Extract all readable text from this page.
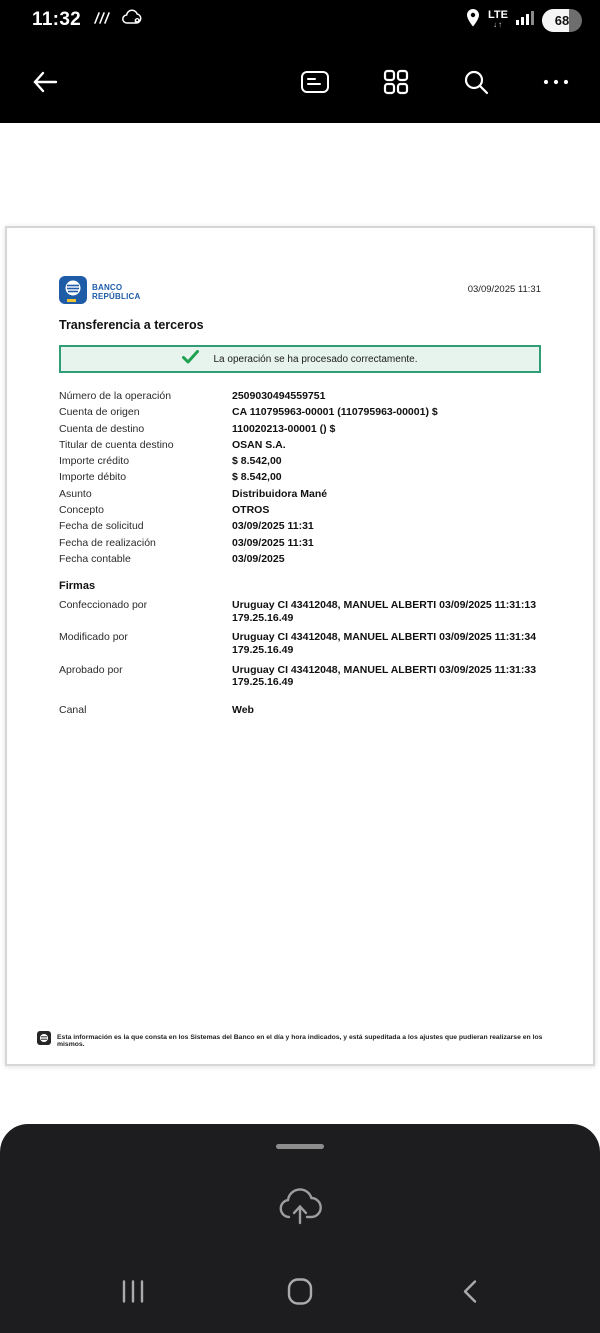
11:32	LTE
↓↑	68
BANCO
REPÚBLICA
03/09/2025 11:31
Transferencia a terceros
La operación se ha procesado correctamente.
Número de la operación	2509030494559751
Cuenta de origen	CA 110795963-00001 (110795963-00001) $
Cuenta de destino	110020213-00001 () $
Titular de cuenta destino	OSAN S.A.
Importe crédito	$ 8.542,00
Importe débito	$ 8.542,00
Asunto	Distribuidora Mané
Concepto	OTROS
Fecha de solicitud	03/09/2025 11:31
Fecha de realización	03/09/2025 11:31
Fecha contable	03/09/2025
Firmas
Confeccionado por	Uruguay CI 43412048, MANUEL ALBERTI 03/09/2025 11:31:13
179.25.16.49
Modificado por	Uruguay CI 43412048, MANUEL ALBERTI 03/09/2025 11:31:34
179.25.16.49
Aprobado por	Uruguay CI 43412048, MANUEL ALBERTI 03/09/2025 11:31:33
179.25.16.49
Canal	Web
Esta información es la que consta en los Sistemas del Banco en el día y hora indicados, y está supeditada a los ajustes que pudieran realizarse en los mismos.
